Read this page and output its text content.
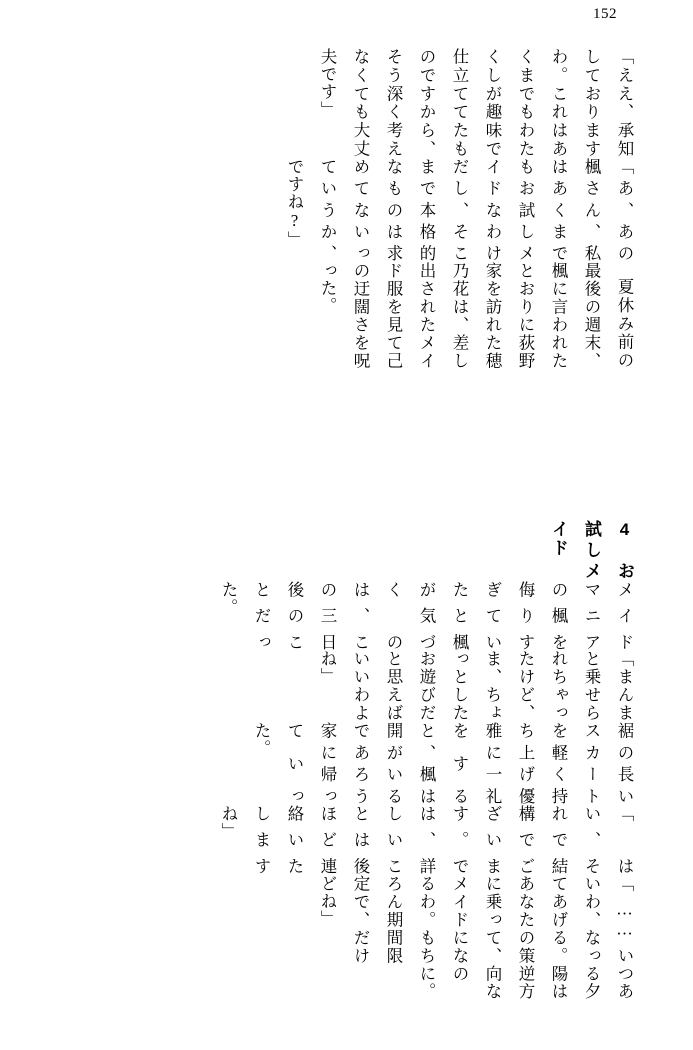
152

つある夕陽は逆方向なのに。

「……いいわ、なってあげる。あなたの策に乗って、メイドになるわ。もちろん期間限定で、だけどね」

「はい、それで結構でございます。では、詳しいことは後ほど連絡いたしますね」

裾の長いスカートを軽く持ち上げ優雅に一礼をすると、楓は開がいるであろう家に帰っていった。

「まんまと乗せられちゃったけど、ま、ちょっとしたお遊びだと思えばいいわよね」

メイドマニアの楓を侮りすぎていたと楓が気づくのは、この三日後のことだった。

4 お試しメイド

夏休み前の最後の週末、楓に言われたとおりに荻野家を訪れた穂乃花は、差し出されたメイド服を見て己の迂闊さを呪った。

「あ、あの楓さん、私はあくまでもお試しメイドなわけだし、そこまで本格的なものは求めてないっていうか、ですね?」

「ええ、承知しておりますわ。これはあくまでもわたくしが趣味で仕立ててたものですから、そう深く考えなくても大丈夫です」
